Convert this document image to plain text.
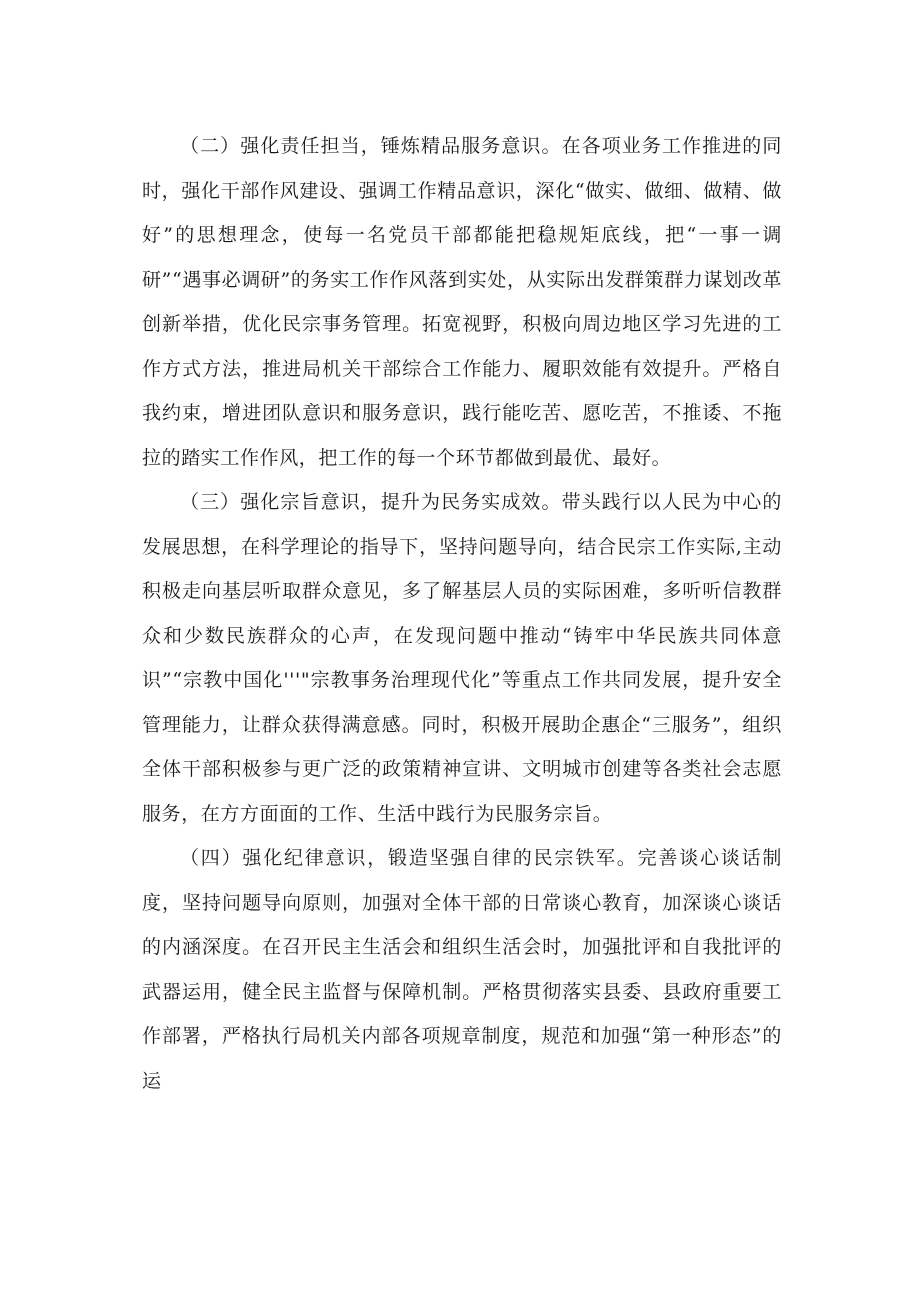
（二）强化责任担当，锤炼精品服务意识。在各项业务工作推进的同时，强化干部作风建设、强调工作精品意识，深化“做实、做细、做精、做好”的思想理念，使每一名党员干部都能把稳规矩底线，把“一事一调研”“遇事必调研”的务实工作作风落到实处，从实际出发群策群力谋划改革创新举措，优化民宗事务管理。拓宽视野，积极向周边地区学习先进的工作方式方法，推进局机关干部综合工作能力、履职效能有效提升。严格自我约束，增进团队意识和服务意识，践行能吃苦、愿吃苦，不推诿、不拖拉的踏实工作作风，把工作的每一个环节都做到最优、最好。

（三）强化宗旨意识，提升为民务实成效。带头践行以人民为中心的发展思想，在科学理论的指导下，坚持问题导向，结合民宗工作实际,主动积极走向基层听取群众意见，多了解基层人员的实际困难，多听听信教群众和少数民族群众的心声，在发现问题中推动“铸牢中华民族共同体意识”“宗教中国化'''"宗教事务治理现代化”等重点工作共同发展，提升安全管理能力，让群众获得满意感。同时，积极开展助企惠企“三服务”，组织全体干部积极参与更广泛的政策精神宣讲、文明城市创建等各类社会志愿服务，在方方面面的工作、生活中践行为民服务宗旨。

（四）强化纪律意识，锻造坚强自律的民宗铁军。完善谈心谈话制度，坚持问题导向原则，加强对全体干部的日常谈心教育，加深谈心谈话的内涵深度。在召开民主生活会和组织生活会时，加强批评和自我批评的武器运用，健全民主监督与保障机制。严格贯彻落实县委、县政府重要工作部署，严格执行局机关内部各项规章制度，规范和加强“第一种形态”的运
